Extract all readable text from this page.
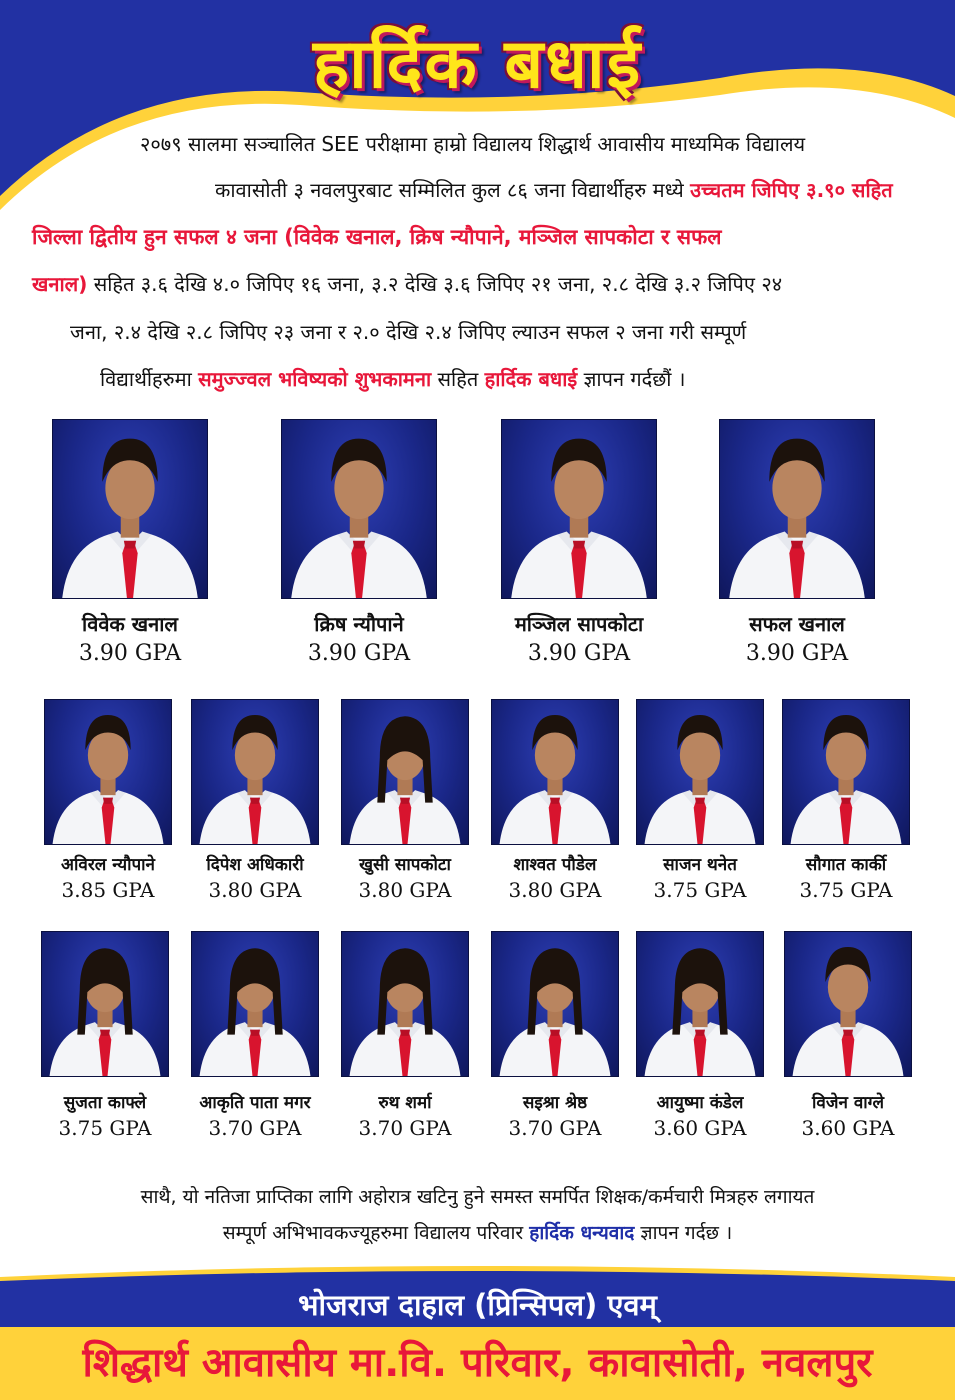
हार्दिक बधाई
२०७९ सालमा सञ्चालित SEE परीक्षामा हाम्रो विद्यालय शिद्धार्थ आवासीय माध्यमिक विद्यालय
कावासोती ३ नवलपुरबाट सम्मिलित कुल ८६ जना विद्यार्थीहरु मध्ये उच्चतम जिपिए ३.९० सहित
जिल्ला द्वितीय हुन सफल ४ जना (विवेक खनाल, क्रिष न्यौपाने, मञ्जिल सापकोटा र सफल
खनाल) सहित ३.६ देखि ४.० जिपिए १६ जना, ३.२ देखि ३.६ जिपिए २१ जना, २.८ देखि ३.२ जिपिए २४
जना, २.४ देखि २.८ जिपिए २३ जना र २.० देखि २.४ जिपिए ल्याउन सफल २ जना गरी सम्पूर्ण
विद्यार्थीहरुमा समुज्ज्वल भविष्यको शुभकामना सहित हार्दिक बधाई ज्ञापन गर्दछौं ।
विवेक खनाल
3.90 GPA
क्रिष न्यौपाने
3.90 GPA
मञ्जिल सापकोटा
3.90 GPA
सफल खनाल
3.90 GPA
अविरल न्यौपाने
3.85 GPA
दिपेश अधिकारी
3.80 GPA
खुसी सापकोटा
3.80 GPA
शाश्वत पौडेल
3.80 GPA
साजन थनेत
3.75 GPA
सौगात कार्की
3.75 GPA
सुजता काफ्ले
3.75 GPA
आकृति पाता मगर
3.70 GPA
रुथ शर्मा
3.70 GPA
सइश्रा श्रेष्ठ
3.70 GPA
आयुष्मा कंडेल
3.60 GPA
विजेन वाग्ले
3.60 GPA
साथै, यो नतिजा प्राप्तिका लागि अहोरात्र खटिनु हुने समस्त समर्पित शिक्षक/कर्मचारी मित्रहरु लगायत
सम्पूर्ण अभिभावकज्यूहरुमा विद्यालय परिवार हार्दिक धन्यवाद ज्ञापन गर्दछ ।
भोजराज दाहाल (प्रिन्सिपल) एवम्
शिद्धार्थ आवासीय मा.वि. परिवार, कावासोती, नवलपुर
